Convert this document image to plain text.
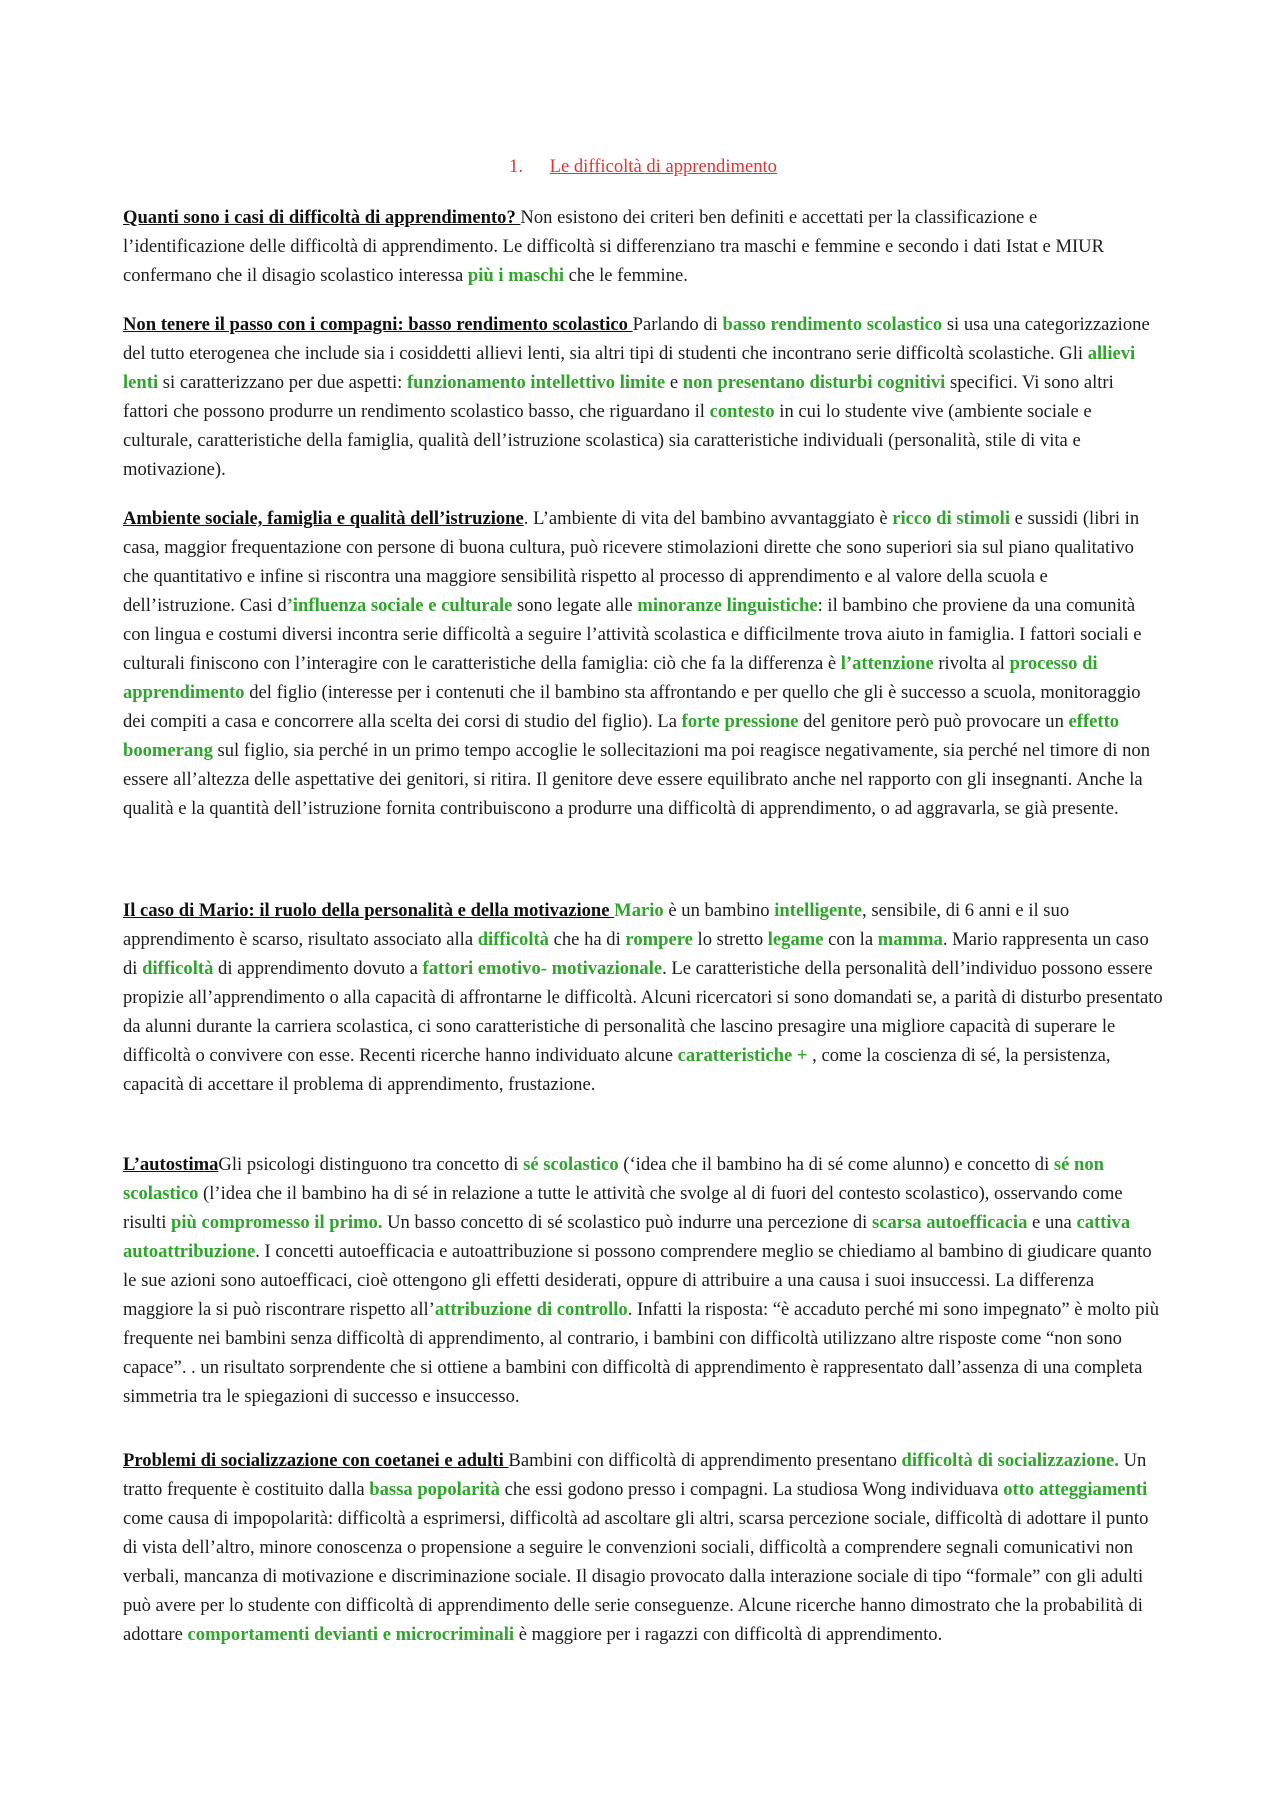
1. Le difficoltà di apprendimento

Quanti sono i casi di difficoltà di apprendimento? Non esistono dei criteri ben definiti e accettati per la classificazione e l’identificazione delle difficoltà di apprendimento. Le difficoltà si differenziano tra maschi e femmine e secondo i dati Istat e MIUR confermano che il disagio scolastico interessa più i maschi che le femmine.

Non tenere il passo con i compagni: basso rendimento scolastico Parlando di basso rendimento scolastico si usa una categorizzazione del tutto eterogenea che include sia i cosiddetti allievi lenti, sia altri tipi di studenti che incontrano serie difficoltà scolastiche. Gli allievi lenti si caratterizzano per due aspetti: funzionamento intellettivo limite e non presentano disturbi cognitivi specifici. Vi sono altri fattori che possono produrre un rendimento scolastico basso, che riguardano il contesto in cui lo studente vive (ambiente sociale e culturale, caratteristiche della famiglia, qualità dell’istruzione scolastica) sia caratteristiche individuali (personalità, stile di vita e motivazione).

Ambiente sociale, famiglia e qualità dell’istruzione. L’ambiente di vita del bambino avvantaggiato è ricco di stimoli e sussidi (libri in casa, maggior frequentazione con persone di buona cultura, può ricevere stimolazioni dirette che sono superiori sia sul piano qualitativo che quantitativo e infine si riscontra una maggiore sensibilità rispetto al processo di apprendimento e al valore della scuola e dell’istruzione. Casi d’influenza sociale e culturale sono legate alle minoranze linguistiche: il bambino che proviene da una comunità con lingua e costumi diversi incontra serie difficoltà a seguire l’attività scolastica e difficilmente trova aiuto in famiglia. I fattori sociali e culturali finiscono con l’interagire con le caratteristiche della famiglia: ciò che fa la differenza è l’attenzione rivolta al processo di apprendimento del figlio (interesse per i contenuti che il bambino sta affrontando e per quello che gli è successo a scuola, monitoraggio dei compiti a casa e concorrere alla scelta dei corsi di studio del figlio). La forte pressione del genitore però può provocare un effetto boomerang sul figlio, sia perché in un primo tempo accoglie le sollecitazioni ma poi reagisce negativamente, sia perché nel timore di non essere all’altezza delle aspettative dei genitori, si ritira. Il genitore deve essere equilibrato anche nel rapporto con gli insegnanti. Anche la qualità e la quantità dell’istruzione fornita contribuiscono a produrre una difficoltà di apprendimento, o ad aggravarla, se già presente.

Il caso di Mario: il ruolo della personalità e della motivazione Mario è un bambino intelligente, sensibile, di 6 anni e il suo apprendimento è scarso, risultato associato alla difficoltà che ha di rompere lo stretto legame con la mamma. Mario rappresenta un caso di difficoltà di apprendimento dovuto a fattori emotivo- motivazionale. Le caratteristiche della personalità dell’individuo possono essere propizie all’apprendimento o alla capacità di affrontarne le difficoltà. Alcuni ricercatori si sono domandati se, a parità di disturbo presentato da alunni durante la carriera scolastica, ci sono caratteristiche di personalità che lascino presagire una migliore capacità di superare le difficoltà o convivere con esse. Recenti ricerche hanno individuato alcune caratteristiche + , come la coscienza di sé, la persistenza, capacità di accettare il problema di apprendimento, frustazione.

L’autostimaGli psicologi distinguono tra concetto di sé scolastico (‘idea che il bambino ha di sé come alunno) e concetto di sé non scolastico (l’idea che il bambino ha di sé in relazione a tutte le attività che svolge al di fuori del contesto scolastico), osservando come risulti più compromesso il primo. Un basso concetto di sé scolastico può indurre una percezione di scarsa autoefficacia e una cattiva autoattribuzione. I concetti autoefficacia e autoattribuzione si possono comprendere meglio se chiediamo al bambino di giudicare quanto le sue azioni sono autoefficaci, cioè ottengono gli effetti desiderati, oppure di attribuire a una causa i suoi insuccessi. La differenza maggiore la si può riscontrare rispetto all’attribuzione di controllo. Infatti la risposta: “è accaduto perché mi sono impegnato” è molto più frequente nei bambini senza difficoltà di apprendimento, al contrario, i bambini con difficoltà utilizzano altre risposte come “non sono capace”. . un risultato sorprendente che si ottiene a bambini con difficoltà di apprendimento è rappresentato dall’assenza di una completa simmetria tra le spiegazioni di successo e insuccesso.

Problemi di socializzazione con coetanei e adulti Bambini con difficoltà di apprendimento presentano difficoltà di socializzazione. Un tratto frequente è costituito dalla bassa popolarità che essi godono presso i compagni. La studiosa Wong individuava otto atteggiamenti come causa di impopolarità: difficoltà a esprimersi, difficoltà ad ascoltare gli altri, scarsa percezione sociale, difficoltà di adottare il punto di vista dell’altro, minore conoscenza o propensione a seguire le convenzioni sociali, difficoltà a comprendere segnali comunicativi non verbali, mancanza di motivazione e discriminazione sociale. Il disagio provocato dalla interazione sociale di tipo “formale” con gli adulti può avere per lo studente con difficoltà di apprendimento delle serie conseguenze. Alcune ricerche hanno dimostrato che la probabilità di adottare comportamenti devianti e microcriminali è maggiore per i ragazzi con difficoltà di apprendimento.
